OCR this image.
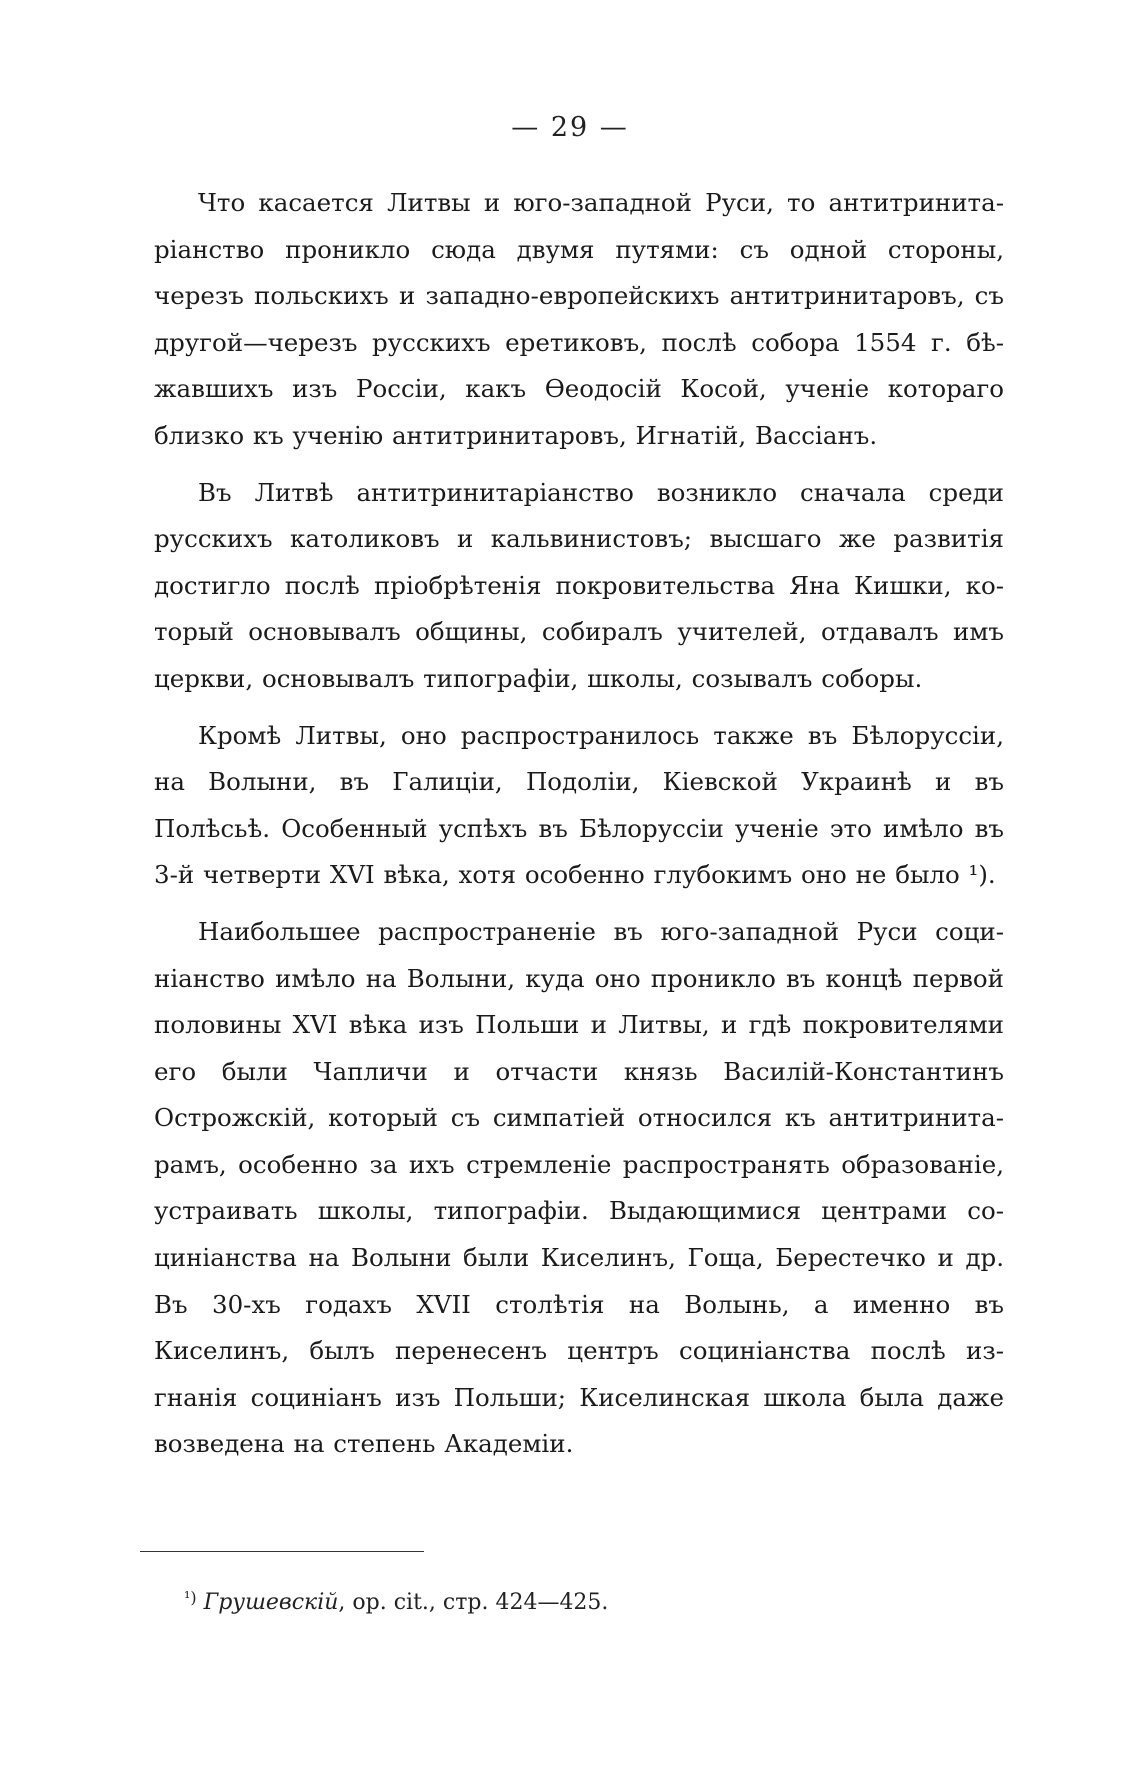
— 29 —

Что касается Литвы и юго-западной Руси, то антитринитаріанство проникло сюда двумя путями: съ одной стороны, черезъ польскихъ и западно-европейскихъ антитринитаровъ, съ другой—черезъ русскихъ еретиковъ, послѣ собора 1554 г. бѣжавшихъ изъ Россіи, какъ Ѳеодосій Косой, ученіе котораго близко къ ученію антитринитаровъ, Игнатій, Вассіанъ.

Въ Литвѣ антитринитаріанство возникло сначала среди русскихъ католиковъ и кальвинистовъ; высшаго же развитія достигло послѣ пріобрѣтенія покровительства Яна Кишки, который основывалъ общины, собиралъ учителей, отдавалъ имъ церкви, основывалъ типографіи, школы, созывалъ соборы.

Кромѣ Литвы, оно распространилось также въ Бѣлоруссіи, на Волыни, въ Галиціи, Подоліи, Кіевской Украинѣ и въ Полѣсьѣ. Особенный успѣхъ въ Бѣлоруссіи ученіе это имѣло въ 3-й четверти XVI вѣка, хотя особенно глубокимъ оно не было ¹).

Наибольшее распространеніе въ юго-западной Руси социніанство имѣло на Волыни, куда оно проникло въ концѣ первой половины XVI вѣка изъ Польши и Литвы, и гдѣ покровителями его были Чапличи и отчасти князь Василій-Константинъ Острожскій, который съ симпатіей относился къ антитринитарамъ, особенно за ихъ стремленіе распространять образованіе, устраивать школы, типографіи. Выдающимися центрами социніанства на Волыни были Киселинъ, Гоща, Берестечко и др. Въ 30-хъ годахъ XVII столѣтія на Волынь, а именно въ Киселинъ, былъ перенесенъ центръ социніанства послѣ изгнанія социніанъ изъ Польши; Киселинская школа была даже возведена на степень Академіи.

$^{^1)}$ Грушевскій, op. cit., стр. 424—425.
